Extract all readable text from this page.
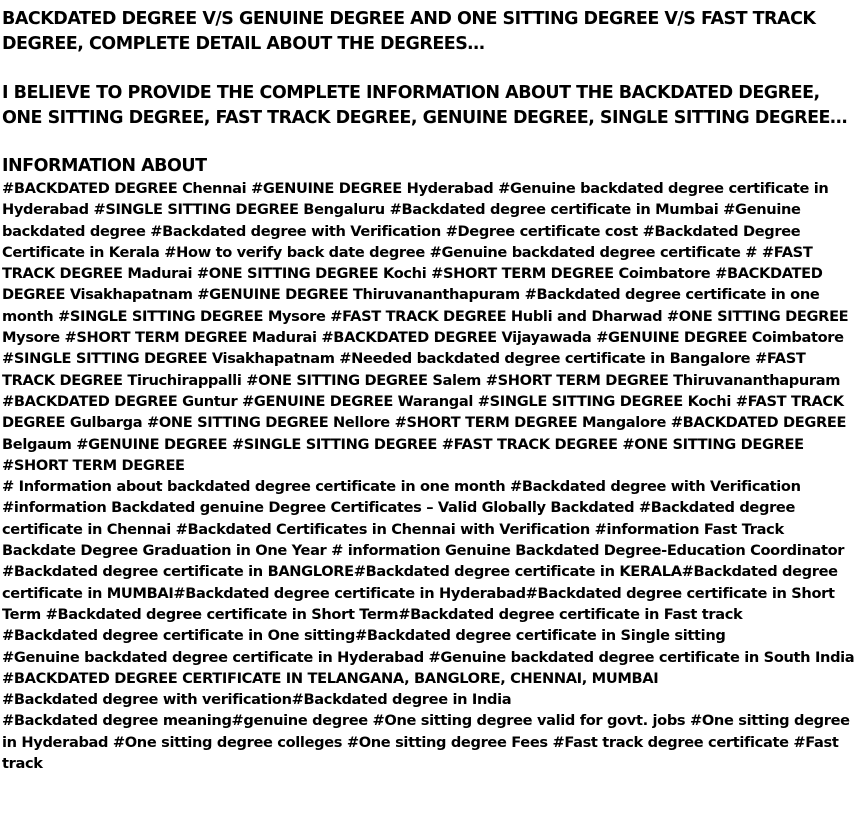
BACKDATED DEGREE V/S GENUINE DEGREE AND ONE SITTING DEGREE V/S FAST TRACK DEGREE, COMPLETE DETAIL ABOUT THE DEGREES…

I BELIEVE TO PROVIDE THE COMPLETE INFORMATION ABOUT THE BACKDATED DEGREE, ONE SITTING DEGREE, FAST TRACK DEGREE, GENUINE DEGREE, SINGLE SITTING DEGREE…

INFORMATION ABOUT

#BACKDATED DEGREE Chennai #GENUINE DEGREE Hyderabad #Genuine backdated degree certificate in Hyderabad #SINGLE SITTING DEGREE Bengaluru #Backdated degree certificate in Mumbai #Genuine backdated degree #Backdated degree with Verification #Degree certificate cost #Backdated Degree Certificate in Kerala #How to verify back date degree #Genuine backdated degree certificate # #FAST TRACK DEGREE Madurai #ONE SITTING DEGREE Kochi #SHORT TERM DEGREE Coimbatore #BACKDATED DEGREE Visakhapatnam #GENUINE DEGREE Thiruvananthapuram #Backdated degree certificate in one month #SINGLE SITTING DEGREE Mysore #FAST TRACK DEGREE Hubli and Dharwad #ONE SITTING DEGREE Mysore #SHORT TERM DEGREE Madurai #BACKDATED DEGREE Vijayawada #GENUINE DEGREE Coimbatore #SINGLE SITTING DEGREE Visakhapatnam #Needed backdated degree certificate in Bangalore #FAST TRACK DEGREE Tiruchirappalli #ONE SITTING DEGREE Salem #SHORT TERM DEGREE Thiruvananthapuram #BACKDATED DEGREE Guntur #GENUINE DEGREE Warangal #SINGLE SITTING DEGREE Kochi #FAST TRACK DEGREE Gulbarga #ONE SITTING DEGREE Nellore #SHORT TERM DEGREE Mangalore #BACKDATED DEGREE Belgaum #GENUINE DEGREE #SINGLE SITTING DEGREE #FAST TRACK DEGREE #ONE SITTING DEGREE #SHORT TERM DEGREE

# Information about backdated degree certificate in one month #Backdated degree with Verification #information Backdated genuine Degree Certificates – Valid Globally Backdated #Backdated degree certificate in Chennai #Backdated Certificates in Chennai with Verification #information Fast Track Backdate Degree Graduation in One Year # information Genuine Backdated Degree-Education Coordinator

#Backdated degree certificate in BANGLORE#Backdated degree certificate in KERALA#Backdated degree certificate in MUMBAI#Backdated degree certificate in Hyderabad#Backdated degree certificate in Short Term #Backdated degree certificate in Short Term#Backdated degree certificate in Fast track

#Backdated degree certificate in One sitting#Backdated degree certificate in Single sitting

#Genuine backdated degree certificate in Hyderabad #Genuine backdated degree certificate in South India

#BACKDATED DEGREE CERTIFICATE IN TELANGANA, BANGLORE, CHENNAI, MUMBAI

#Backdated degree with verification#Backdated degree in India

#Backdated degree meaning#genuine degree #One sitting degree valid for govt. jobs #One sitting degree in Hyderabad #One sitting degree colleges #One sitting degree Fees #Fast track degree certificate #Fast track
